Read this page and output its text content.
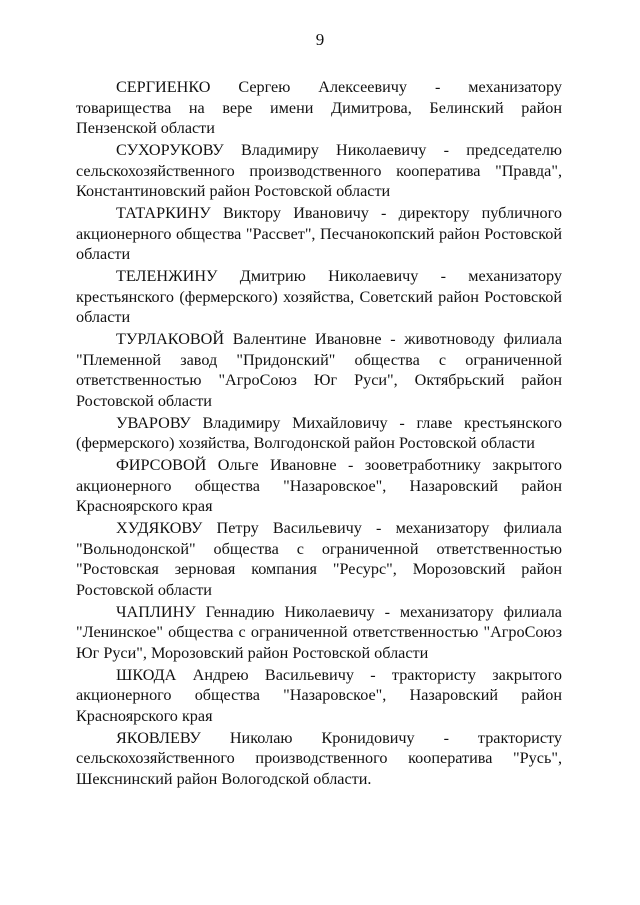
9

СЕРГИЕНКО Сергею Алексеевичу - механизатору товарищества на вере имени Димитрова, Белинский район Пензенской области

СУХОРУКОВУ Владимиру Николаевичу - председателю сельскохозяйственного производственного кооператива "Правда", Константиновский район Ростовской области

ТАТАРКИНУ Виктору Ивановичу - директору публичного акционерного общества "Рассвет", Песчанокопский район Ростовской области

ТЕЛЕНЖИНУ Дмитрию Николаевичу - механизатору крестьянского (фермерского) хозяйства, Советский район Ростовской области

ТУРЛАКОВОЙ Валентине Ивановне - животноводу филиала "Племенной завод "Придонский" общества с ограниченной ответственностью "АгроСоюз Юг Руси", Октябрьский район Ростовской области

УВАРОВУ Владимиру Михайловичу - главе крестьянского (фермерского) хозяйства, Волгодонской район Ростовской области

ФИРСОВОЙ Ольге Ивановне - зооветработнику закрытого акционерного общества "Назаровское", Назаровский район Красноярского края

ХУДЯКОВУ Петру Васильевичу - механизатору филиала "Вольнодонской" общества с ограниченной ответственностью "Ростовская зерновая компания "Ресурс", Морозовский район Ростовской области

ЧАПЛИНУ Геннадию Николаевичу - механизатору филиала "Ленинское" общества с ограниченной ответственностью "АгроСоюз Юг Руси", Морозовский район Ростовской области

ШКОДА Андрею Васильевичу - трактористу закрытого акционерного общества "Назаровское", Назаровский район Красноярского края

ЯКОВЛЕВУ Николаю Кронидовичу - трактористу сельскохозяйственного производственного кооператива "Русь", Шекснинский район Вологодской области.
